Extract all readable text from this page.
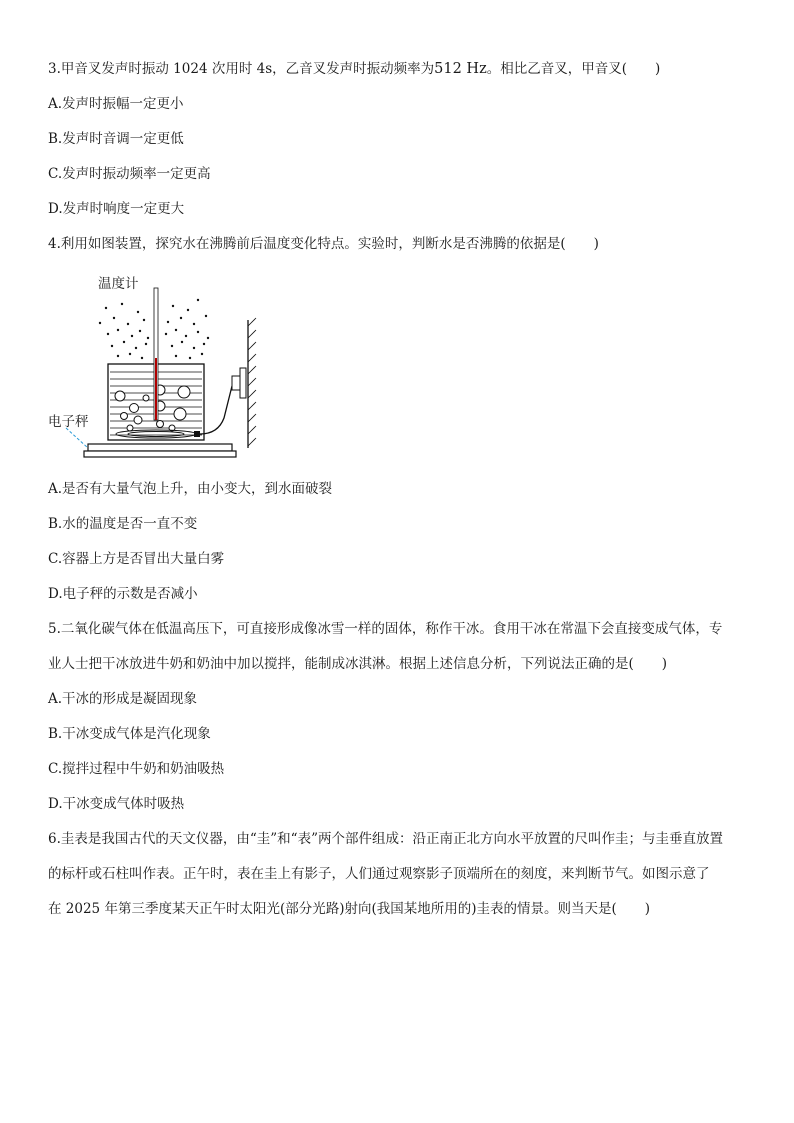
3.甲音叉发声时振动 1024 次用时 4s，乙音叉发声时振动频率为512 Hz。相比乙音叉，甲音叉( )

A.发声时振幅一定更小

B.发声时音调一定更低

C.发声时振动频率一定更高

D.发声时响度一定更大

4.利用如图装置，探究水在沸腾前后温度变化特点。实验时，判断水是否沸腾的依据是( )

温度计
电子秤

A.是否有大量气泡上升，由小变大，到水面破裂

B.水的温度是否一直不变

C.容器上方是否冒出大量白雾

D.电子秤的示数是否减小

5.二氧化碳气体在低温高压下，可直接形成像冰雪一样的固体，称作干冰。食用干冰在常温下会直接变成气体，专

业人士把干冰放进牛奶和奶油中加以搅拌，能制成冰淇淋。根据上述信息分析，下列说法正确的是( )

A.干冰的形成是凝固现象

B.干冰变成气体是汽化现象

C.搅拌过程中牛奶和奶油吸热

D.干冰变成气体时吸热

6.圭表是我国古代的天文仪器，由“圭”和“表”两个部件组成：沿正南正北方向水平放置的尺叫作圭；与圭垂直放置

的标杆或石柱叫作表。正午时，表在圭上有影子，人们通过观察影子顶端所在的刻度，来判断节气。如图示意了

在 2025 年第三季度某天正午时太阳光(部分光路)射向(我国某地所用的)圭表的情景。则当天是( )
